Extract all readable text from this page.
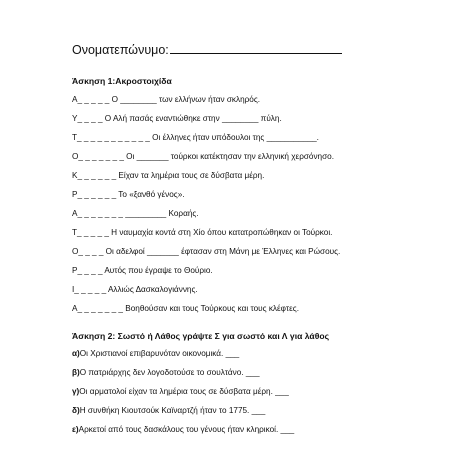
Ονοματεπώνυμο:
Άσκηση 1:Ακροστοιχίδα
Α_ _ _ _ _ Ο ________ των ελλήνων ήταν σκληρός.
Υ_ _ _ _ Ο Αλή πασάς εναντιώθηκε στην ________ πύλη.
Τ_ _ _ _ _ _ _ _ _ _ _ Οι έλληνες ήταν υπόδουλοι της ___________.
Ο_ _ _ _ _ _ _ Οι _______ τούρκοι κατέκτησαν την ελληνική χερσόνησο.
Κ_ _ _ _ _ _ Είχαν τα λημέρια τους σε δύσβατα μέρη.
Ρ_ _ _ _ _ _ Το «ξανθό γένος».
Α_ _ _ _ _ _ _ _________ Κοραής.
Τ_ _ _ _ _ Η ναυμαχία κοντά στη Χίο όπου κατατροπώθηκαν οι Τούρκοι.
Ο_ _ _ _ Οι αδελφοί _______ έφτασαν στη Μάνη με Έλληνες και Ρώσους.
Ρ_ _ _ _ Αυτός που έγραψε το Θούριο.
Ι_ _ _ _ _ Αλλιώς Δασκαλογιάννης.
Α_ _ _ _ _ _ _ Βοηθούσαν και τους Τούρκους και τους κλέφτες.
Άσκηση 2: Σωστό ή Λάθος γράψτε Σ για σωστό και Λ για λάθος
α)Οι Χριστιανοί επιβαρυνόταν οικονομικά. ___
β)Ο πατριάρχης δεν λογοδοτούσε το σουλτάνο. ___
γ)Οι αρματολοί είχαν τα λημέρια τους σε δύσβατα μέρη. ___
δ)Η συνθήκη Κιουτσούκ Καϊναρτζή ήταν το 1775. ___
ε)Αρκετοί από τους δασκάλους του γένους ήταν κληρικοί. ___
